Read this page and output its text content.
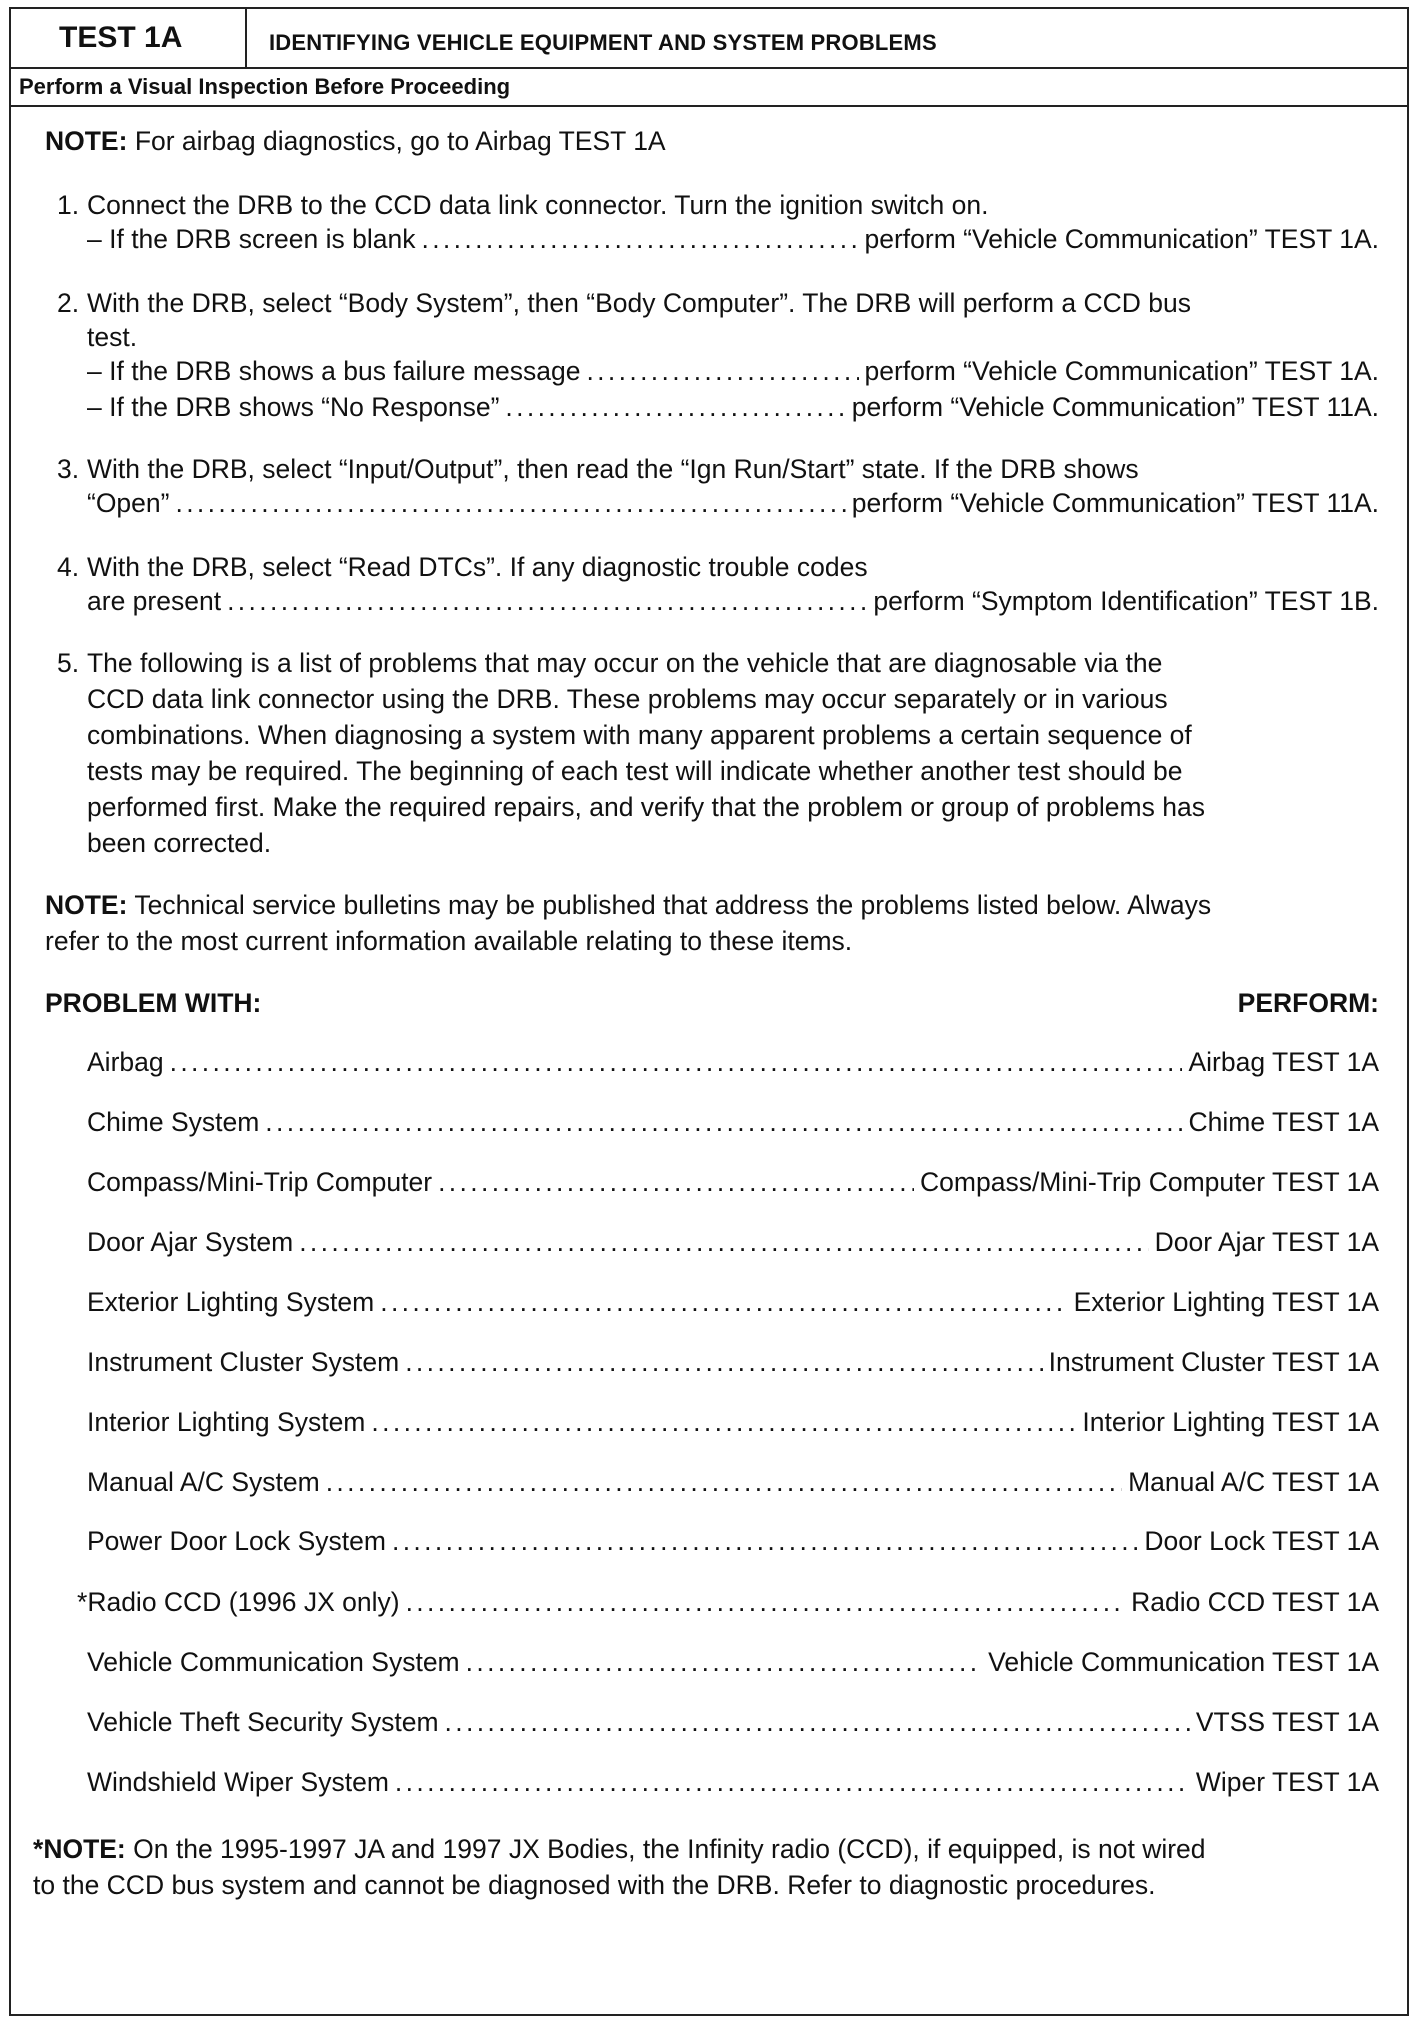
TEST 1A	IDENTIFYING VEHICLE EQUIPMENT AND SYSTEM PROBLEMS
Perform a Visual Inspection Before Proceeding
NOTE: For airbag diagnostics, go to Airbag TEST 1A
1. Connect the DRB to the CCD data link connector. Turn the ignition switch on.
– If the DRB screen is blank . . .	perform “Vehicle Communication” TEST 1A.
2. With the DRB, select “Body System”, then “Body Computer”. The DRB will perform a CCD bus
test.
– If the DRB shows a bus failure message . . .	perform “Vehicle Communication” TEST 1A.
– If the DRB shows “No Response” . . .	perform “Vehicle Communication” TEST 11A.
3. With the DRB, select “Input/Output”, then read the “Ign Run/Start” state. If the DRB shows
“Open” . . .	perform “Vehicle Communication” TEST 11A.
4. With the DRB, select “Read DTCs”. If any diagnostic trouble codes
are present . . .	perform “Symptom Identification” TEST 1B.
5. The following is a list of problems that may occur on the vehicle that are diagnosable via the
CCD data link connector using the DRB. These problems may occur separately or in various
combinations. When diagnosing a system with many apparent problems a certain sequence of
tests may be required. The beginning of each test will indicate whether another test should be
performed first. Make the required repairs, and verify that the problem or group of problems has
been corrected.
NOTE: Technical service bulletins may be published that address the problems listed below. Always
refer to the most current information available relating to these items.
PROBLEM WITH:	PERFORM:
Airbag . . .	Airbag TEST 1A
Chime System . . .	Chime TEST 1A
Compass/Mini-Trip Computer . . .	Compass/Mini-Trip Computer TEST 1A
Door Ajar System . . .	Door Ajar TEST 1A
Exterior Lighting System . . .	Exterior Lighting TEST 1A
Instrument Cluster System . . .	Instrument Cluster TEST 1A
Interior Lighting System . . .	Interior Lighting TEST 1A
Manual A/C System . . .	Manual A/C TEST 1A
Power Door Lock System . . .	Door Lock TEST 1A
*Radio CCD (1996 JX only) . . .	Radio CCD TEST 1A
Vehicle Communication System . . .	Vehicle Communication TEST 1A
Vehicle Theft Security System . . .	VTSS TEST 1A
Windshield Wiper System . . .	Wiper TEST 1A
*NOTE: On the 1995-1997 JA and 1997 JX Bodies, the Infinity radio (CCD), if equipped, is not wired
to the CCD bus system and cannot be diagnosed with the DRB. Refer to diagnostic procedures.
